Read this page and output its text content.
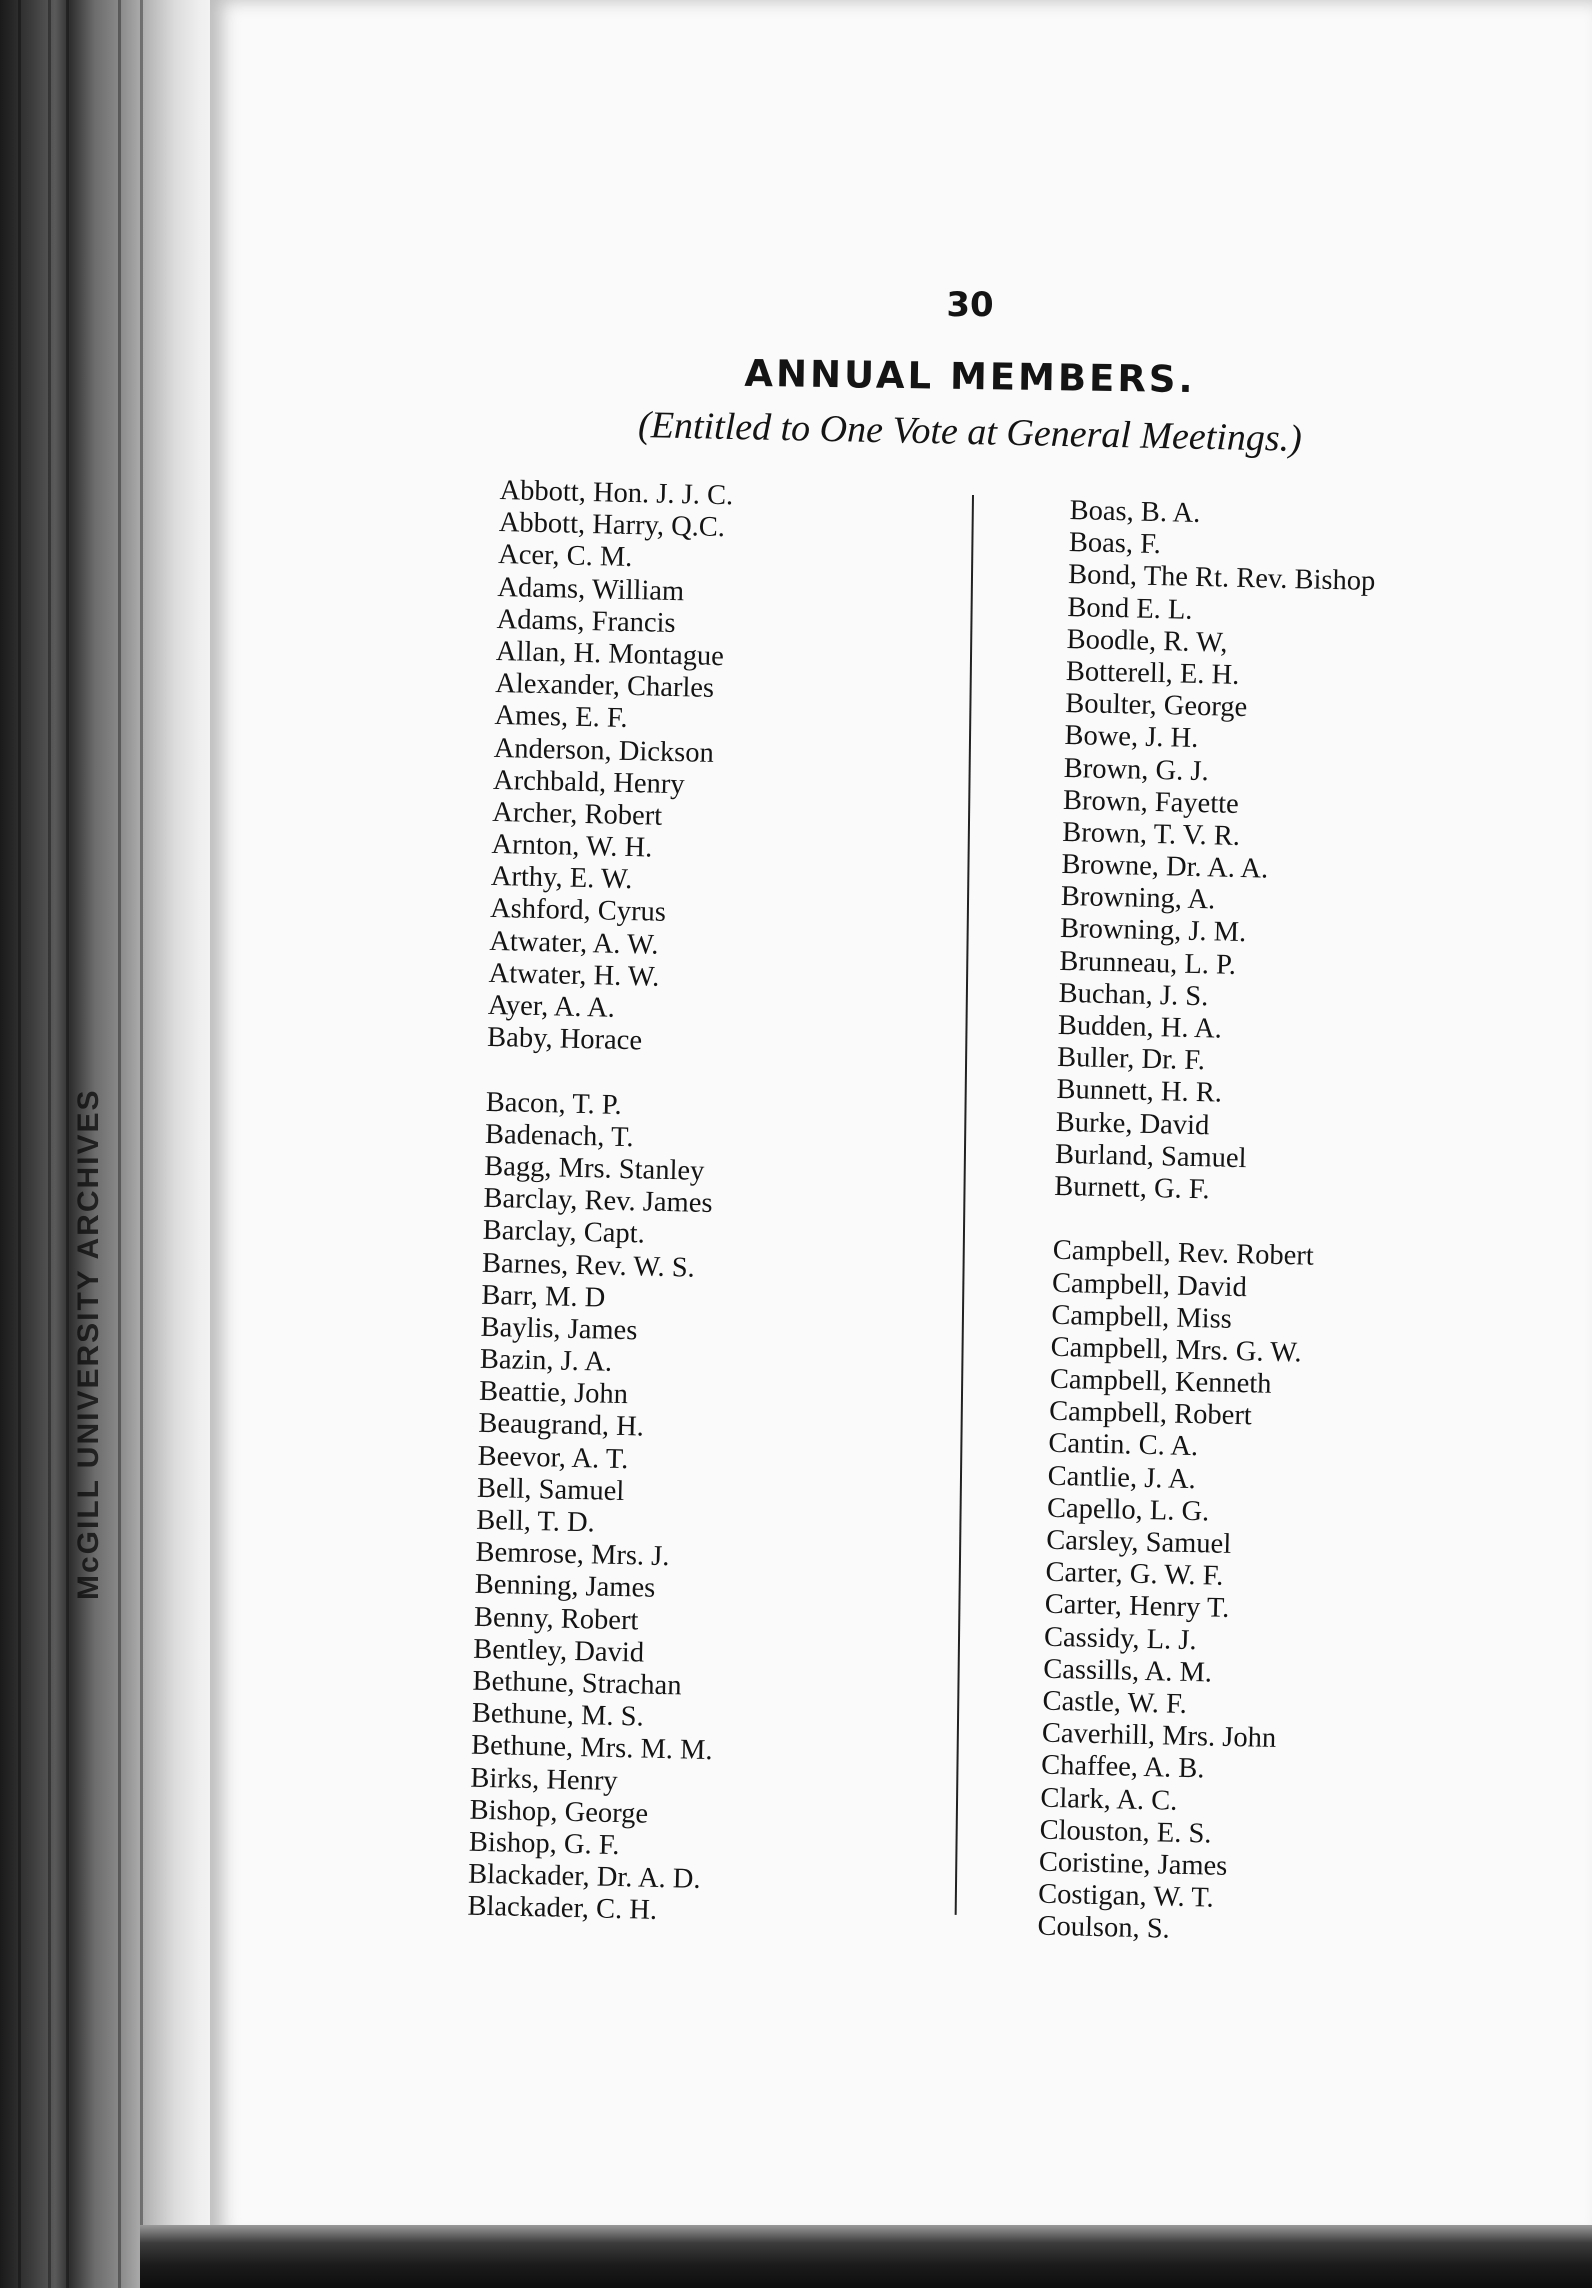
McGILL UNIVERSITY ARCHIVES
30
ANNUAL MEMBERS.
(Entitled to One Vote at General Meetings.)
Abbott, Hon. J. J. C.
Abbott, Harry, Q.C.
Acer, C. M.
Adams, William
Adams, Francis
Allan, H. Montague
Alexander, Charles
Ames, E. F.
Anderson, Dickson
Archbald, Henry
Archer, Robert
Arnton, W. H.
Arthy, E. W.
Ashford, Cyrus
Atwater, A. W.
Atwater, H. W.
Ayer, A. A.
Baby, Horace
Bacon, T. P.
Badenach, T.
Bagg, Mrs. Stanley
Barclay, Rev. James
Barclay, Capt.
Barnes, Rev. W. S.
Barr, M. D
Baylis, James
Bazin, J. A.
Beattie, John
Beaugrand, H.
Beevor, A. T.
Bell, Samuel
Bell, T. D.
Bemrose, Mrs. J.
Benning, James
Benny, Robert
Bentley, David
Bethune, Strachan
Bethune, M. S.
Bethune, Mrs. M. M.
Birks, Henry
Bishop, George
Bishop, G. F.
Blackader, Dr. A. D.
Blackader, C. H.
Boas, B. A.
Boas, F.
Bond, The Rt. Rev. Bishop
Bond E. L.
Boodle, R. W,
Botterell, E. H.
Boulter, George
Bowe, J. H.
Brown, G. J.
Brown, Fayette
Brown, T. V. R.
Browne, Dr. A. A.
Browning, A.
Browning, J. M.
Brunneau, L. P.
Buchan, J. S.
Budden, H. A.
Buller, Dr. F.
Bunnett, H. R.
Burke, David
Burland, Samuel
Burnett, G. F.
Campbell, Rev. Robert
Campbell, David
Campbell, Miss
Campbell, Mrs. G. W.
Campbell, Kenneth
Campbell, Robert
Cantin. C. A.
Cantlie, J. A.
Capello, L. G.
Carsley, Samuel
Carter, G. W. F.
Carter, Henry T.
Cassidy, L. J.
Cassills, A. M.
Castle, W. F.
Caverhill, Mrs. John
Chaffee, A. B.
Clark, A. C.
Clouston, E. S.
Coristine, James
Costigan, W. T.
Coulson, S.
